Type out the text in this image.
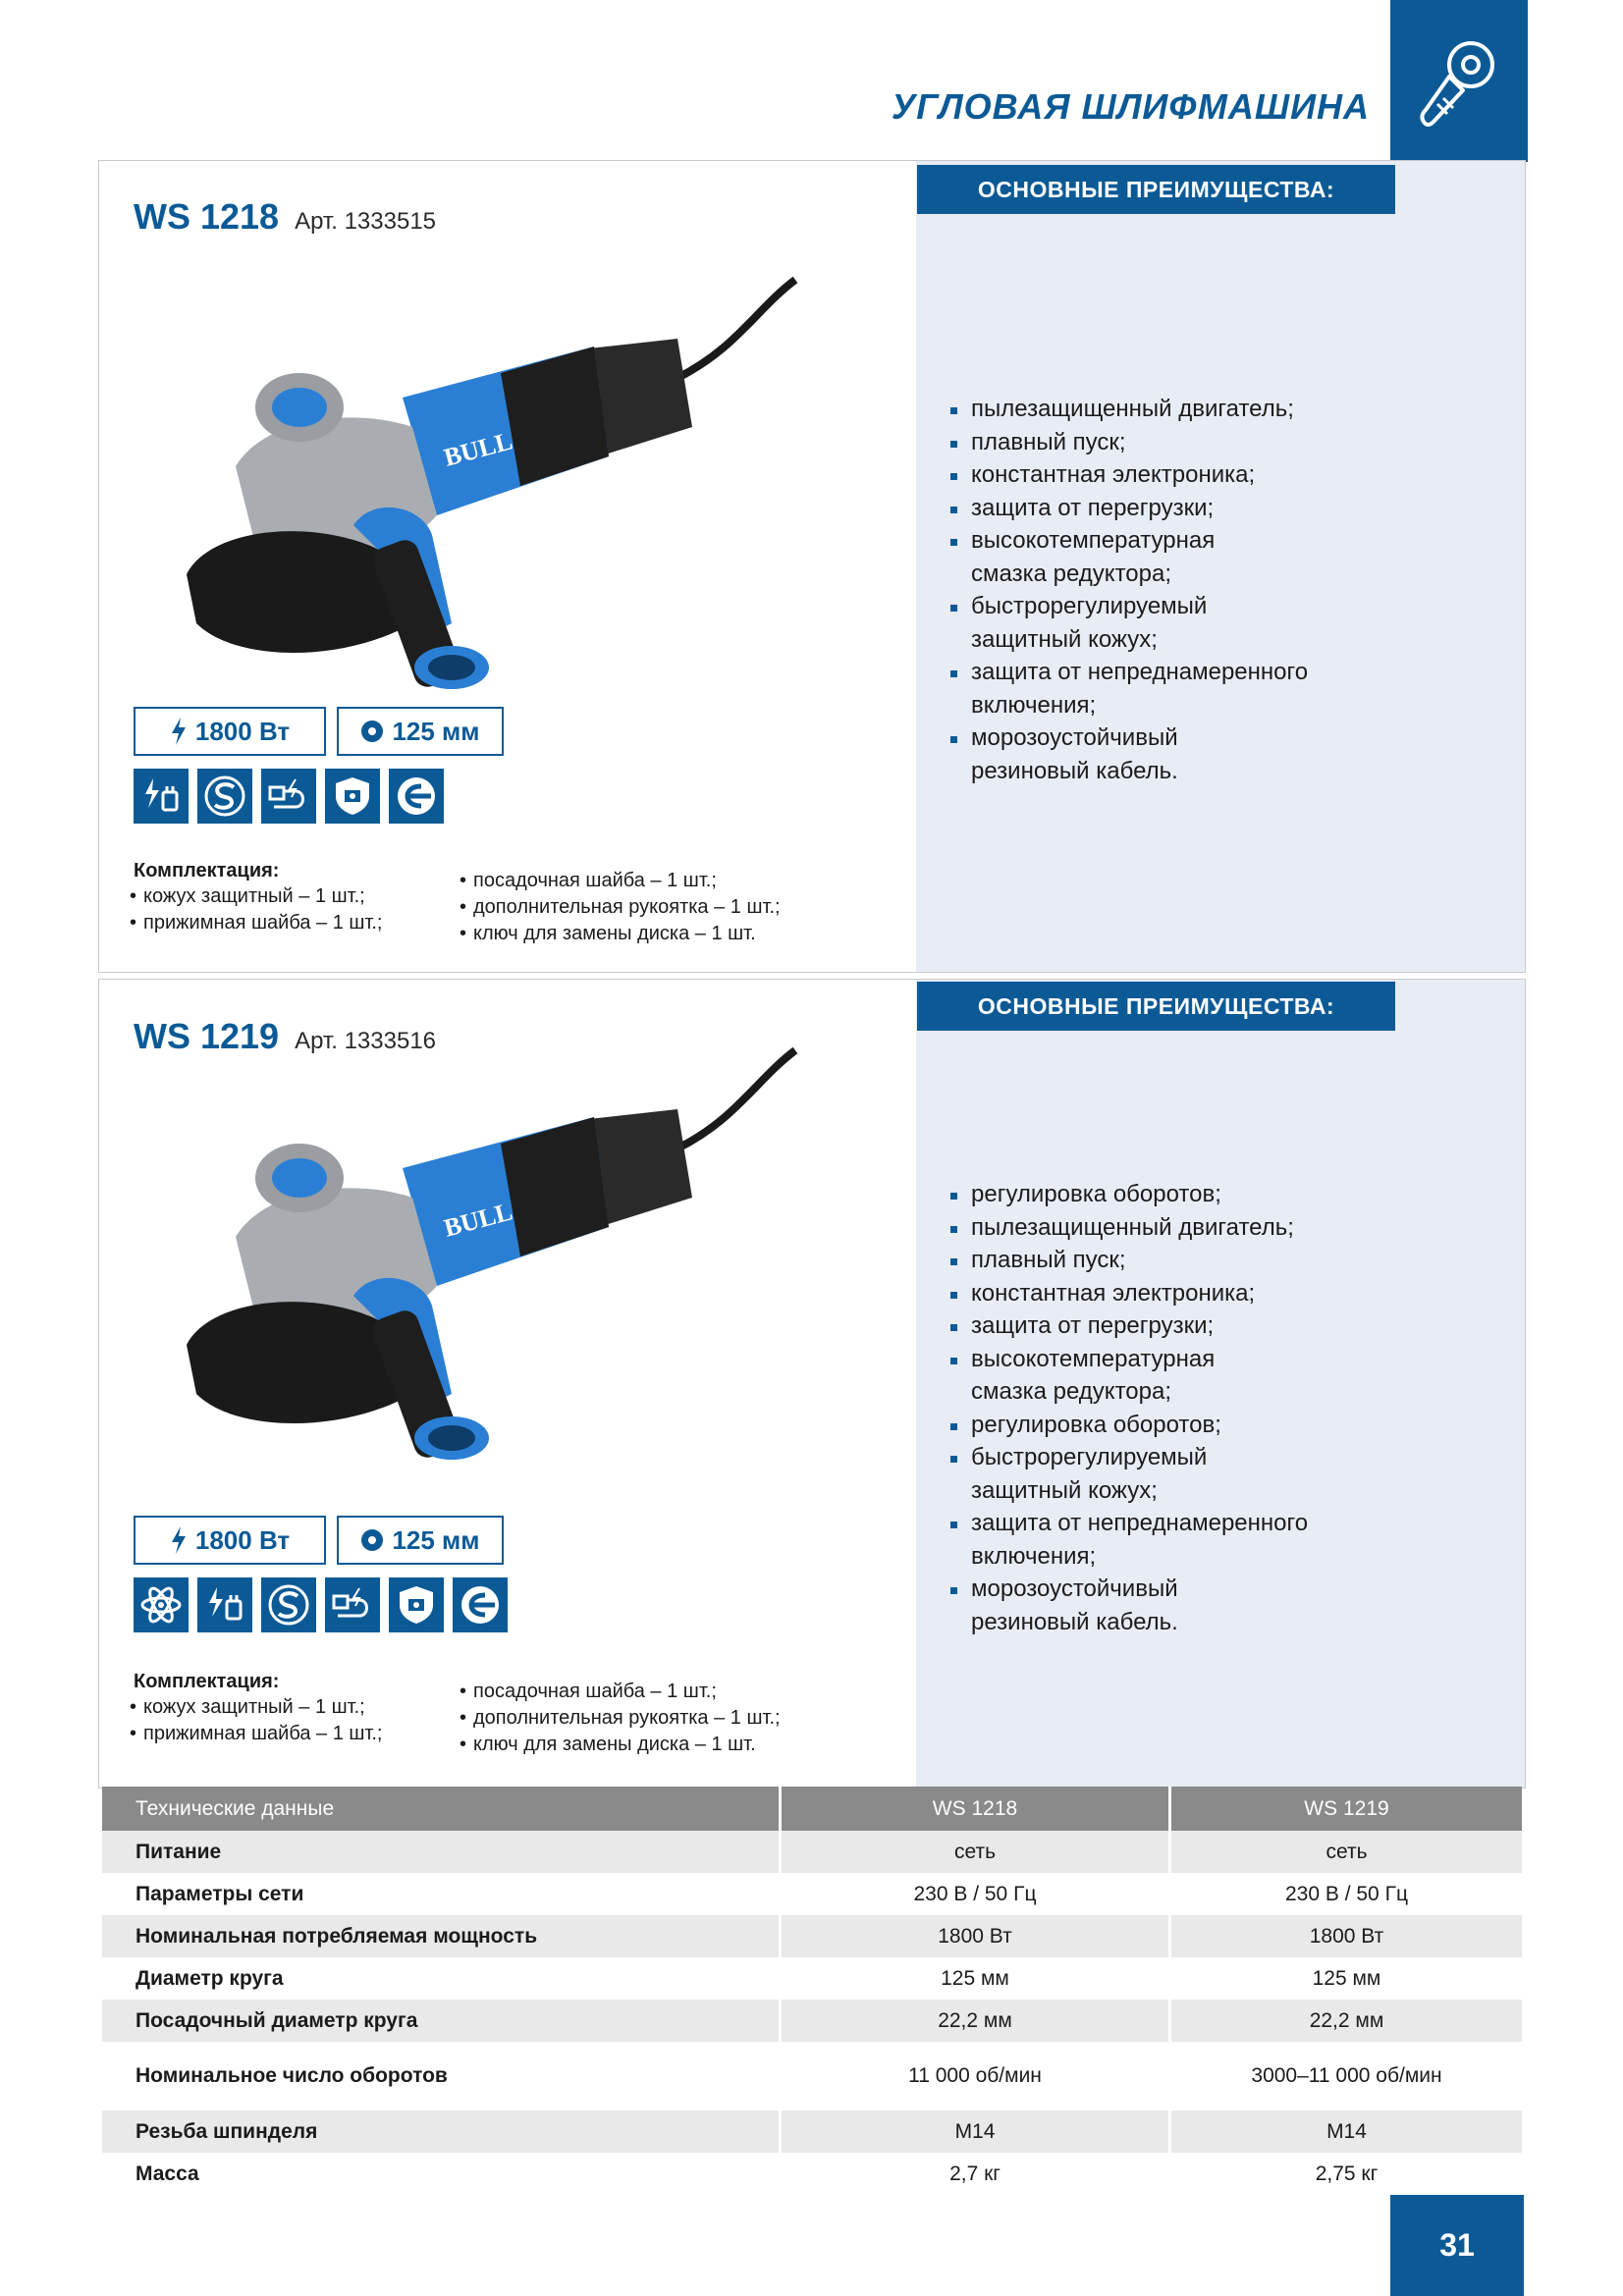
УГЛОВАЯ ШЛИФМАШИНА
ОСНОВНЫЕ ПРЕИМУЩЕСТВА:
WS 1218 Арт. 1333515
1800 Вт	125 мм
Комплектация:
• кожух защитный – 1 шт.;
• прижимная шайба – 1 шт.;
• посадочная шайба – 1 шт.;
• дополнительная рукоятка – 1 шт.;
• ключ для замены диска – 1 шт.
пылезащищенный двигатель;
плавный пуск;
константная электроника;
защита от перегрузки;
высокотемпературная смазка редуктора;
быстрорегулируемый защитный кожух;
защита от непреднамеренного включения;
морозоустойчивый резиновый кабель.
ОСНОВНЫЕ ПРЕИМУЩЕСТВА:
WS 1219 Арт. 1333516
1800 Вт	125 мм
Комплектация:
• кожух защитный – 1 шт.;
• прижимная шайба – 1 шт.;
• посадочная шайба – 1 шт.;
• дополнительная рукоятка – 1 шт.;
• ключ для замены диска – 1 шт.
регулировка оборотов;
пылезащищенный двигатель;
плавный пуск;
константная электроника;
защита от перегрузки;
высокотемпературная смазка редуктора;
регулировка оборотов;
быстрорегулируемый защитный кожух;
защита от непреднамеренного включения;
морозоустойчивый резиновый кабель.
Технические данные	WS 1218	WS 1219
Питание	сеть	сеть
Параметры сети	230 В / 50 Гц	230 В / 50 Гц
Номинальная потребляемая мощность	1800 Вт	1800 Вт
Диаметр круга	125 мм	125 мм
Посадочный диаметр круга	22,2 мм	22,2 мм
Номинальное число оборотов	11 000 об/мин	3000–11 000 об/мин
Резьба шпинделя	M14	M14
Масса	2,7 кг	2,75 кг
31
